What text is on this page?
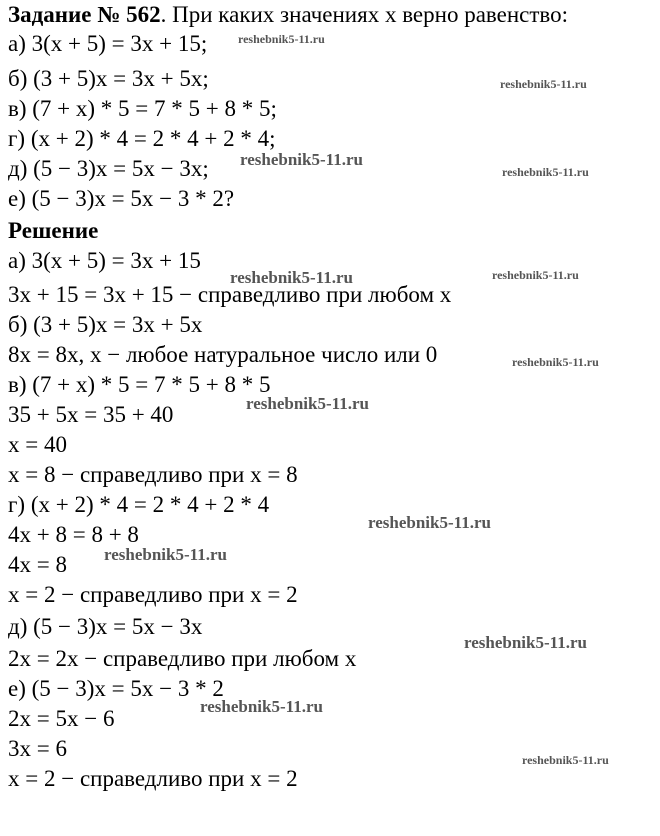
Задание № 562. При каких значениях x верно равенство:
а) 3(x + 5) = 3x + 15;
б) (3 + 5)x = 3x + 5x;
в) (7 + x) * 5 = 7 * 5 + 8 * 5;
г) (x + 2) * 4 = 2 * 4 + 2 * 4;
д) (5 − 3)x = 5x − 3x;
е) (5 − 3)x = 5x − 3 * 2?
Решение
а) 3(x + 5) = 3x + 15
3x + 15 = 3x + 15 − справедливо при любом x
б) (3 + 5)x = 3x + 5x
8x = 8x, x − любое натуральное число или 0
в) (7 + x) * 5 = 7 * 5 + 8 * 5
35 + 5x = 35 + 40
x = 40
x = 8 − справедливо при x = 8
г) (x + 2) * 4 = 2 * 4 + 2 * 4
4x + 8 = 8 + 8
4x = 8
x = 2 − справедливо при x = 2
д) (5 − 3)x = 5x − 3x
2x = 2x − справедливо при любом x
е) (5 − 3)x = 5x − 3 * 2
2x = 5x − 6
3x = 6
x = 2 − справедливо при x = 2
reshebnik5-11.ru
reshebnik5-11.ru
reshebnik5-11.ru
reshebnik5-11.ru
reshebnik5-11.ru	reshebnik5-11.ru
reshebnik5-11.ru
reshebnik5-11.ru
reshebnik5-11.ru
reshebnik5-11.ru
reshebnik5-11.ru
reshebnik5-11.ru
reshebnik5-11.ru
